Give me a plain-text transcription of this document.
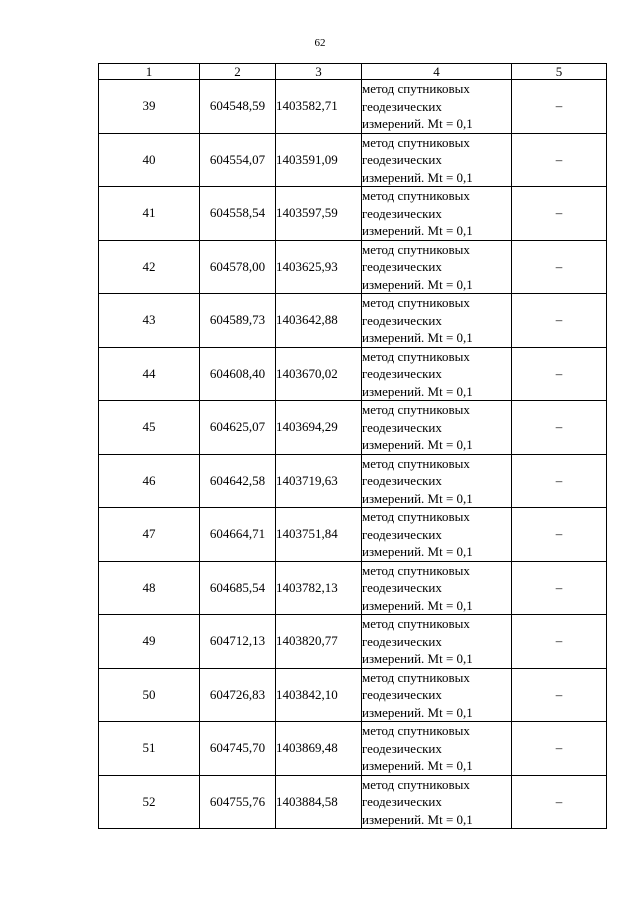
62
1	2	3	4	5
39	604548,59	1403582,71	метод спутниковых
геодезических
измерений. Mt = 0,1	–
40	604554,07	1403591,09	метод спутниковых
геодезических
измерений. Mt = 0,1	–
41	604558,54	1403597,59	метод спутниковых
геодезических
измерений. Mt = 0,1	–
42	604578,00	1403625,93	метод спутниковых
геодезических
измерений. Mt = 0,1	–
43	604589,73	1403642,88	метод спутниковых
геодезических
измерений. Mt = 0,1	–
44	604608,40	1403670,02	метод спутниковых
геодезических
измерений. Mt = 0,1	–
45	604625,07	1403694,29	метод спутниковых
геодезических
измерений. Mt = 0,1	–
46	604642,58	1403719,63	метод спутниковых
геодезических
измерений. Mt = 0,1	–
47	604664,71	1403751,84	метод спутниковых
геодезических
измерений. Mt = 0,1	–
48	604685,54	1403782,13	метод спутниковых
геодезических
измерений. Mt = 0,1	–
49	604712,13	1403820,77	метод спутниковых
геодезических
измерений. Mt = 0,1	–
50	604726,83	1403842,10	метод спутниковых
геодезических
измерений. Mt = 0,1	–
51	604745,70	1403869,48	метод спутниковых
геодезических
измерений. Mt = 0,1	–
52	604755,76	1403884,58	метод спутниковых
геодезических
измерений. Mt = 0,1	–
